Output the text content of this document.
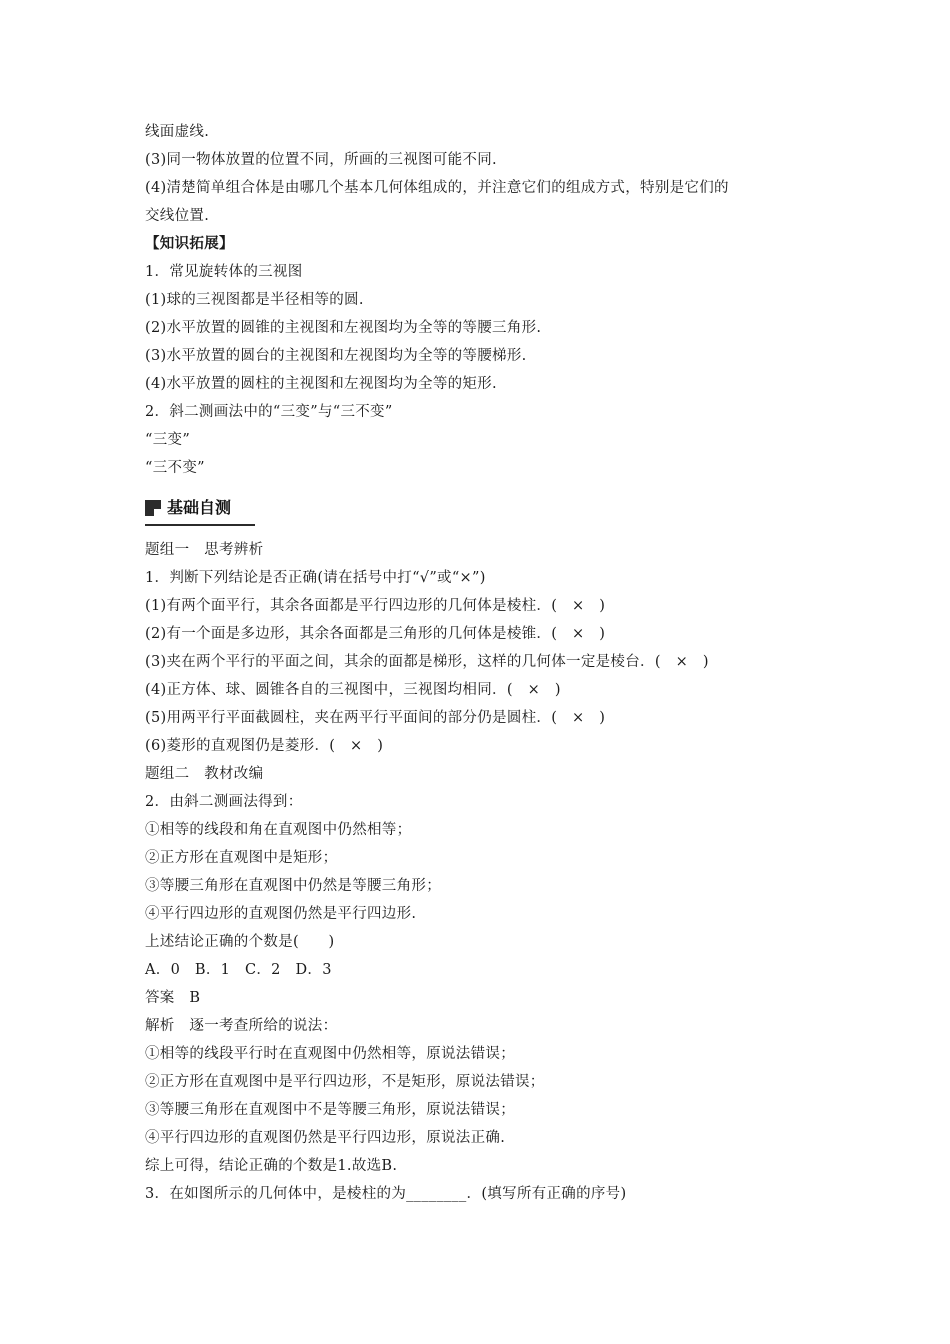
线面虚线.
(3)同一物体放置的位置不同，所画的三视图可能不同.
(4)清楚简单组合体是由哪几个基本几何体组成的，并注意它们的组成方式，特别是它们的
交线位置.
【知识拓展】
1．常见旋转体的三视图
(1)球的三视图都是半径相等的圆.
(2)水平放置的圆锥的主视图和左视图均为全等的等腰三角形.
(3)水平放置的圆台的主视图和左视图均为全等的等腰梯形.
(4)水平放置的圆柱的主视图和左视图均为全等的矩形.
2．斜二测画法中的“三变”与“三不变”
“三变”
“三不变”
基础自测
题组一　思考辨析
1．判断下列结论是否正确(请在括号中打“√”或“×”)
(1)有两个面平行，其余各面都是平行四边形的几何体是棱柱．(　×　)
(2)有一个面是多边形，其余各面都是三角形的几何体是棱锥．(　×　)
(3)夹在两个平行的平面之间，其余的面都是梯形，这样的几何体一定是棱台．(　×　)
(4)正方体、球、圆锥各自的三视图中，三视图均相同．(　×　)
(5)用两平行平面截圆柱，夹在两平行平面间的部分仍是圆柱．(　×　)
(6)菱形的直观图仍是菱形．(　×　)
题组二　教材改编
2．由斜二测画法得到：
①相等的线段和角在直观图中仍然相等；
②正方形在直观图中是矩形；
③等腰三角形在直观图中仍然是等腰三角形；
④平行四边形的直观图仍然是平行四边形.
上述结论正确的个数是(　　)
A．0　B．1　C．2　D．3
答案　B
解析　逐一考查所给的说法：
①相等的线段平行时在直观图中仍然相等，原说法错误；
②正方形在直观图中是平行四边形，不是矩形，原说法错误；
③等腰三角形在直观图中不是等腰三角形，原说法错误；
④平行四边形的直观图仍然是平行四边形，原说法正确.
综上可得，结论正确的个数是1.故选B.
3．在如图所示的几何体中，是棱柱的为________．(填写所有正确的序号)
